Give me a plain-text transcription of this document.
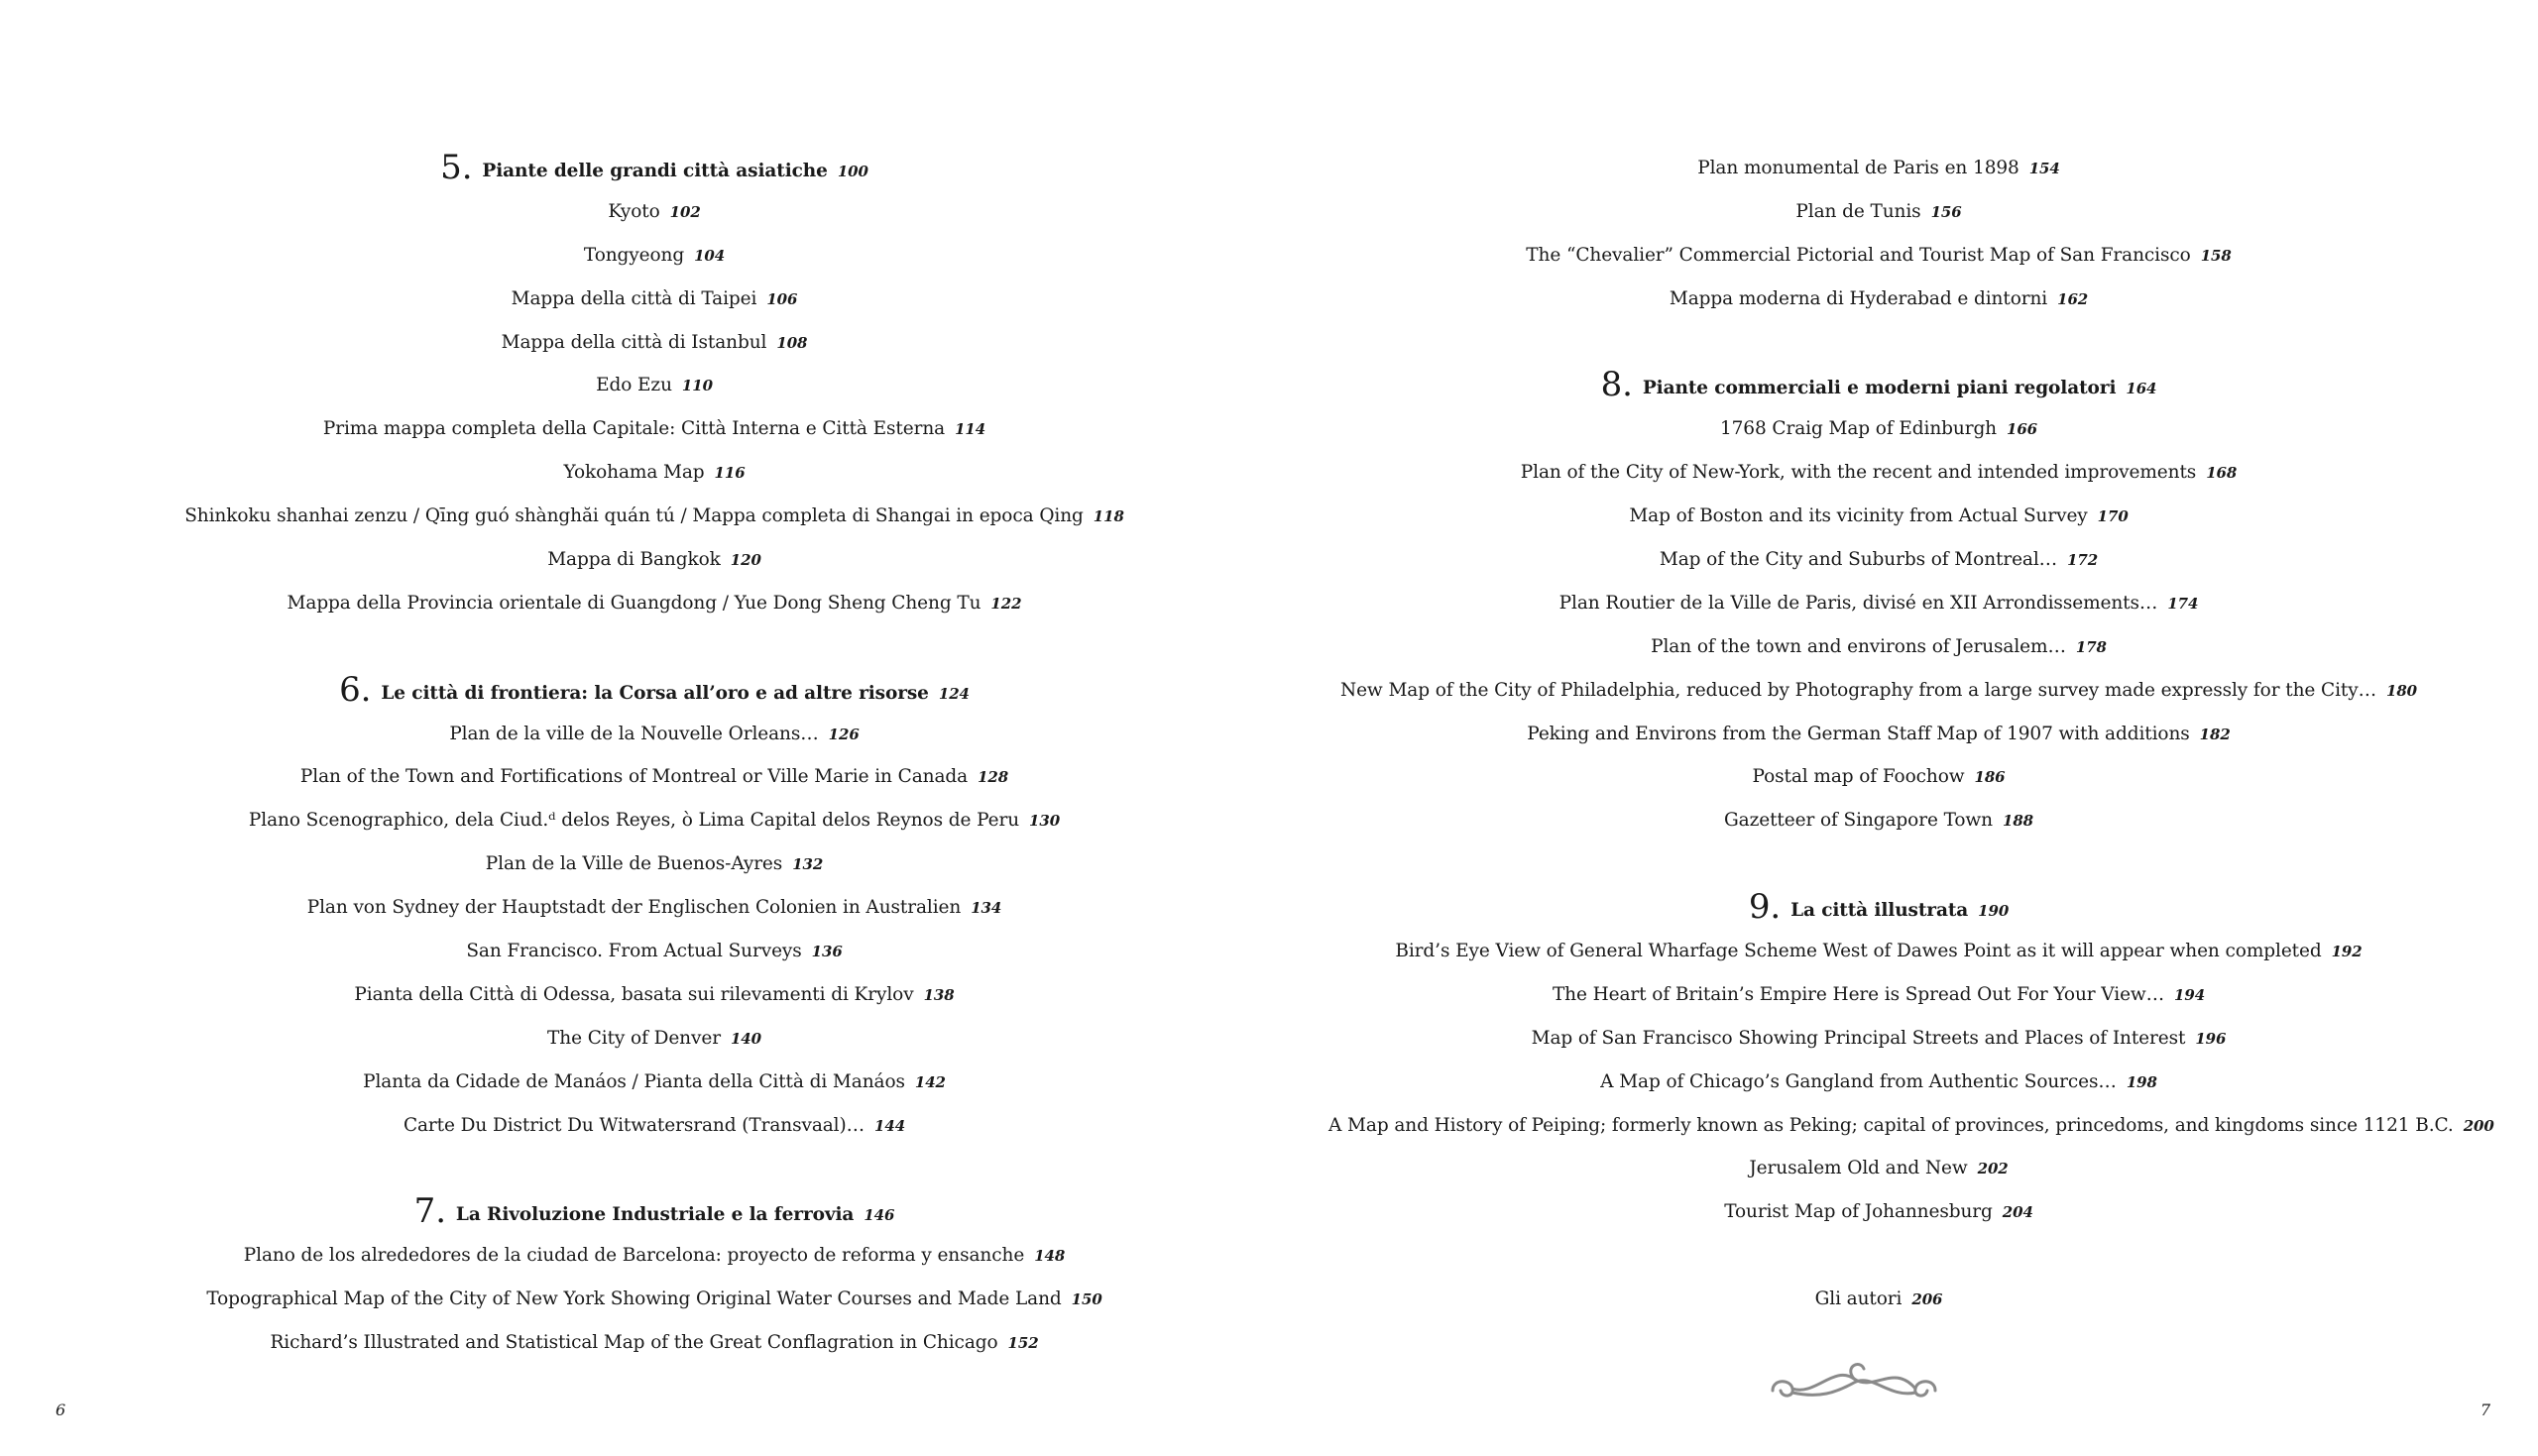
5. Piante delle grandi città asiatiche 100
Kyoto 102
Tongyeong 104
Mappa della città di Taipei 106
Mappa della città di Istanbul 108
Edo Ezu 110
Prima mappa completa della Capitale: Città Interna e Città Esterna 114
Yokohama Map 116
Shinkoku shanhai zenzu / Qīng guó shànghăi quán tú / Mappa completa di Shangai in epoca Qing 118
Mappa di Bangkok 120
Mappa della Provincia orientale di Guangdong / Yue Dong Sheng Cheng Tu 122
6. Le città di frontiera: la Corsa all’oro e ad altre risorse 124
Plan de la ville de la Nouvelle Orleans… 126
Plan of the Town and Fortifications of Montreal or Ville Marie in Canada 128
Plano Scenographico, dela Ciud.ᵈ delos Reyes, ò Lima Capital delos Reynos de Peru 130
Plan de la Ville de Buenos-Ayres 132
Plan von Sydney der Hauptstadt der Englischen Colonien in Australien 134
San Francisco. From Actual Surveys 136
Pianta della Città di Odessa, basata sui rilevamenti di Krylov 138
The City of Denver 140
Planta da Cidade de Manáos / Pianta della Città di Manáos 142
Carte Du District Du Witwatersrand (Transvaal)… 144
7. La Rivoluzione Industriale e la ferrovia 146
Plano de los alrededores de la ciudad de Barcelona: proyecto de reforma y ensanche 148
Topographical Map of the City of New York Showing Original Water Courses and Made Land 150
Richard’s Illustrated and Statistical Map of the Great Conflagration in Chicago 152
6
Plan monumental de Paris en 1898 154
Plan de Tunis 156
The “Chevalier” Commercial Pictorial and Tourist Map of San Francisco 158
Mappa moderna di Hyderabad e dintorni 162
8. Piante commerciali e moderni piani regolatori 164
1768 Craig Map of Edinburgh 166
Plan of the City of New-York, with the recent and intended improvements 168
Map of Boston and its vicinity from Actual Survey 170
Map of the City and Suburbs of Montreal… 172
Plan Routier de la Ville de Paris, divisé en XII Arrondissements… 174
Plan of the town and environs of Jerusalem… 178
New Map of the City of Philadelphia, reduced by Photography from a large survey made expressly for the City… 180
Peking and Environs from the German Staff Map of 1907 with additions 182
Postal map of Foochow 186
Gazetteer of Singapore Town 188
9. La città illustrata 190
Bird’s Eye View of General Wharfage Scheme West of Dawes Point as it will appear when completed 192
The Heart of Britain’s Empire Here is Spread Out For Your View… 194
Map of San Francisco Showing Principal Streets and Places of Interest 196
A Map of Chicago’s Gangland from Authentic Sources… 198
A Map and History of Peiping; formerly known as Peking; capital of provinces, princedoms, and kingdoms since 1121 B.C. 200
Jerusalem Old and New 202
Tourist Map of Johannesburg 204
Gli autori 206
7
